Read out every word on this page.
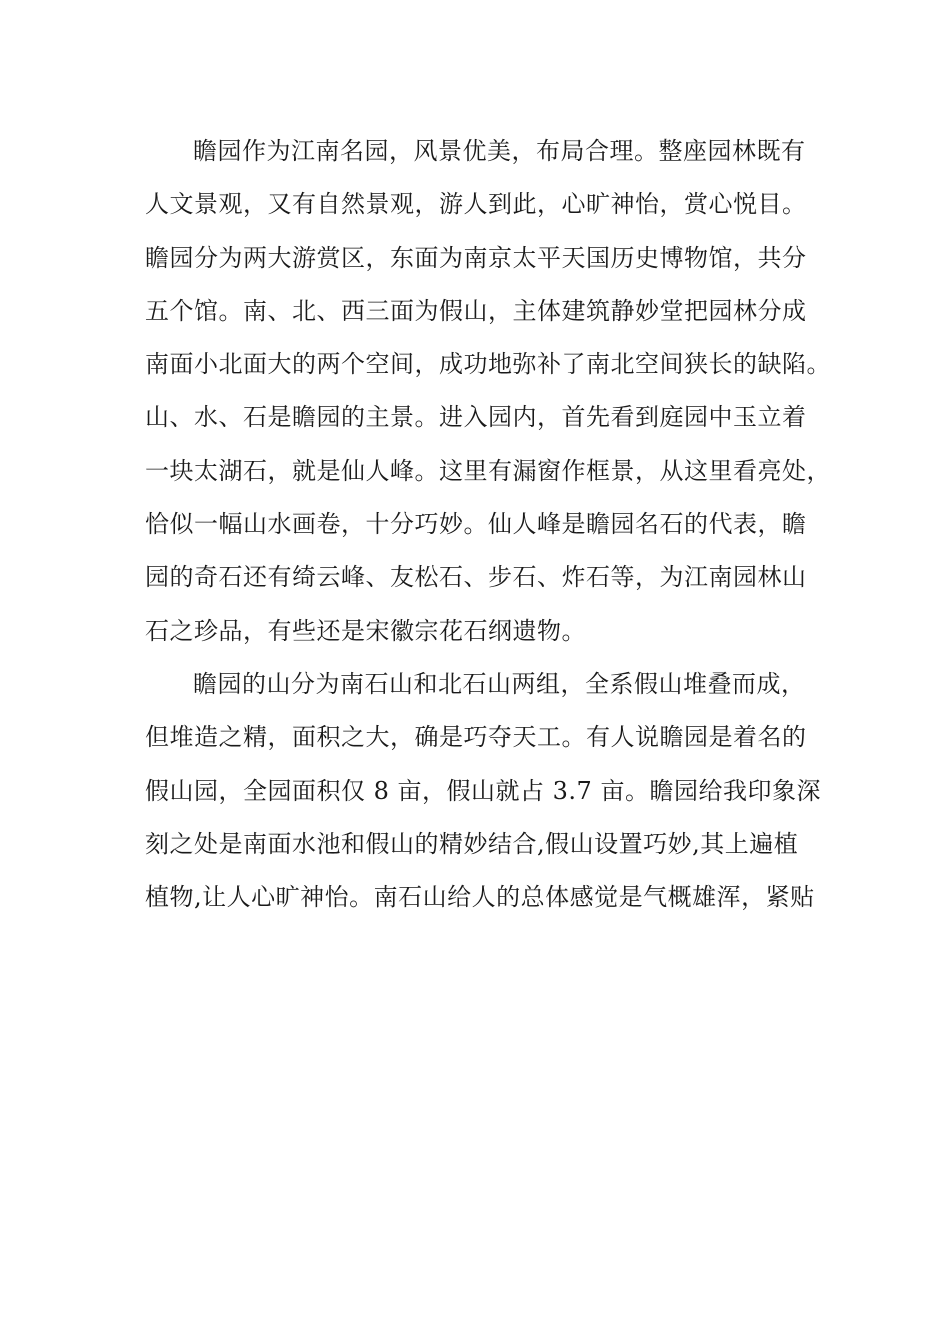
瞻园作为江南名园，风景优美，布局合理。整座园林既有
人文景观，又有自然景观，游人到此，心旷神怡，赏心悦目。
瞻园分为两大游赏区，东面为南京太平天国历史博物馆，共分
五个馆。南、北、西三面为假山，主体建筑静妙堂把园林分成
南面小北面大的两个空间，成功地弥补了南北空间狭长的缺陷。
山、水、石是瞻园的主景。进入园内，首先看到庭园中玉立着
一块太湖石，就是仙人峰。这里有漏窗作框景，从这里看亮处，
恰似一幅山水画卷，十分巧妙。仙人峰是瞻园名石的代表，瞻
园的奇石还有绮云峰、友松石、步石、炸石等，为江南园林山
石之珍品，有些还是宋徽宗花石纲遗物。
瞻园的山分为南石山和北石山两组，全系假山堆叠而成，
但堆造之精，面积之大，确是巧夺天工。有人说瞻园是着名的
假山园，全园面积仅 8 亩，假山就占 3.7 亩。瞻园给我印象深
刻之处是南面水池和假山的精妙结合,假山设置巧妙,其上遍植
植物,让人心旷神怡。南石山给人的总体感觉是气概雄浑，紧贴
